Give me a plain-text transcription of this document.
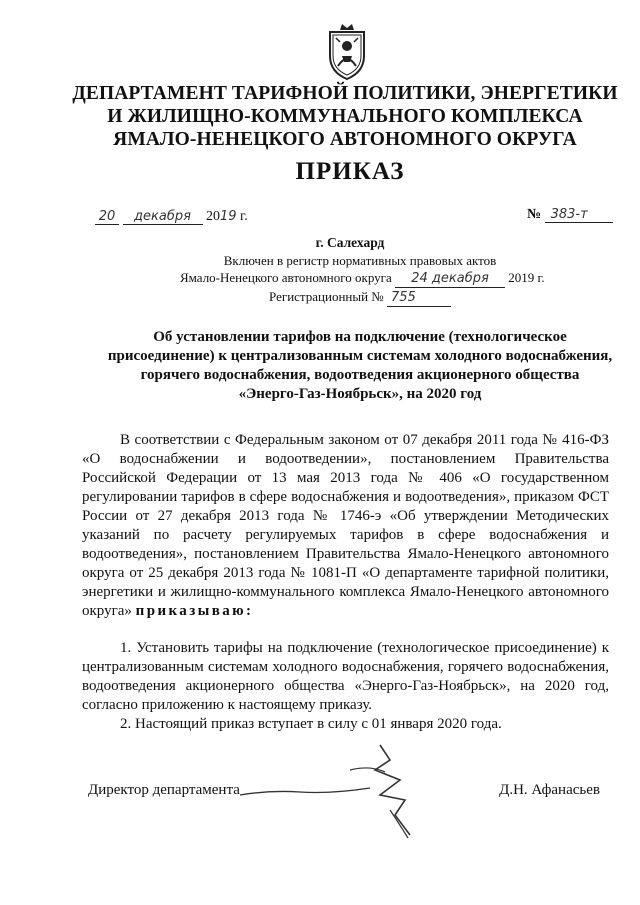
ДЕПАРТАМЕНТ ТАРИФНОЙ ПОЛИТИКИ, ЭНЕРГЕТИКИ
И ЖИЛИЩНО-КОММУНАЛЬНОГО КОМПЛЕКСА
ЯМАЛО-НЕНЕЦКОГО АВТОНОМНОГО ОКРУГА
ПРИКАЗ
20 декабря 2019 г.	№ 383-т
г. Салехард
Включен в регистр нормативных правовых актов
Ямало-Ненецкого автономного округа 24 декабря 2019 г.
Регистрационный № 755
Об установлении тарифов на подключение (технологическое
присоединение) к централизованным системам холодного водоснабжения,
горячего водоснабжения, водоотведения акционерного общества
«Энерго-Газ-Ноябрьск», на 2020 год

В соответствии с Федеральным законом от 07 декабря 2011 года № 416-ФЗ «О водоснабжении и водоотведении», постановлением Правительства Российской Федерации от 13 мая 2013 года № 406 «О государственном регулировании тарифов в сфере водоснабжения и водоотведения», приказом ФСТ России от 27 декабря 2013 года № 1746-э «Об утверждении Методических указаний по расчету регулируемых тарифов в сфере водоснабжения и водоотведения», постановлением Правительства Ямало-Ненецкого автономного округа от 25 декабря 2013 года № 1081-П «О департаменте тарифной политики, энергетики и жилищно-коммунального комплекса Ямало-Ненецкого автономного округа» приказываю:

1. Установить тарифы на подключение (технологическое присоединение) к централизованным системам холодного водоснабжения, горячего водоснабжения, водоотведения акционерного общества «Энерго-Газ-Ноябрьск», на 2020 год, согласно приложению к настоящему приказу.

2. Настоящий приказ вступает в силу с 01 января 2020 года.

Директор департамента	Д.Н. Афанасьев
